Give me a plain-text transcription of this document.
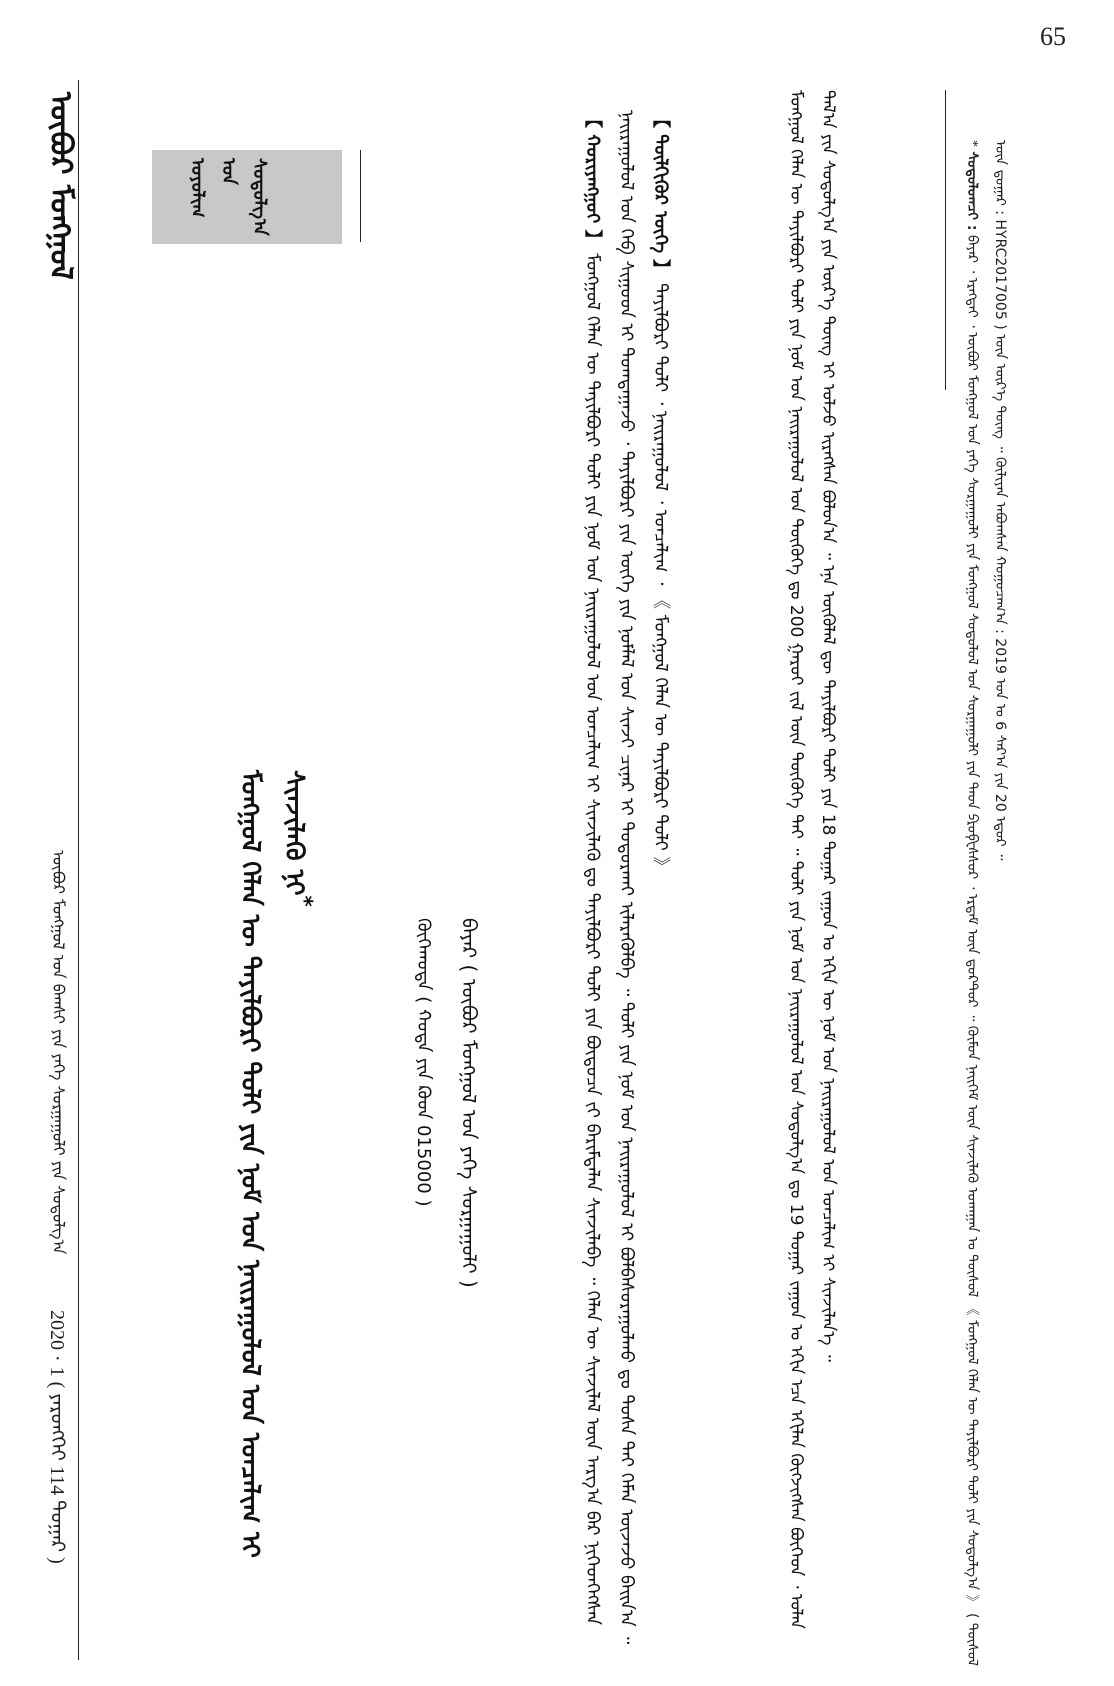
65
ᠥᠪᠦᠷ ᠮᠣᠩᠭᠣᠯ
ᠥᠪᠦᠷ ᠮᠣᠩᠭᠣᠯ ᠤᠨ ᠪᠠᠭᠰᠢ ᠶᠢᠨ ᠶᠡᠬᠡ ᠰᠤᠷᠭᠠᠭᠤᠯᠢ ᠶᠢᠨ ᠰᠣᠳᠤᠯᠭ᠎ᠠ
2020 · 1 ( ᠶᠡᠷᠦᠩᠬᠡᠢ 114 ᠳᠤᠭᠠᠷ )
ᠤᠶᠤᠯᠢᠭ ᠤᠨ ᠰᠣᠳᠤᠯᠭ᠎ᠠ
ᠮᠣᠩᠭᠣᠯ ᠬᠡᠯᠡᠨ ᠦ ᠲᠠᠶᠢᠯᠪᠤᠷᠢ ᠲᠣᠯᠢ ᠶᠢᠨ ᠨᠣᠮ ᠤᠨ ᠨᠠᠢᠷᠠᠭᠤᠯᠤᠯ ᠤᠨ ᠣᠨᠴᠠᠯᠢᠭ ᠢ ᠰᠢᠨᠵᠢᠯᠡᠬᠦ ᠨᠢ*
ᠪᠠᠶᠠᠷ ( ᠥᠪᠦᠷ ᠮᠣᠩᠭᠣᠯ ᠤᠨ ᠶᠡᠬᠡ ᠰᠤᠷᠭᠠᠭᠤᠯᠢ )
ᠬᠥᠬᠡᠬᠣᠲᠠ ( ᠬᠣᠲᠠ ᠶᠢᠨ ᠺᠣᠳ 015000 )
【 ᠬᠤᠷᠢᠶᠠᠩᠭᠤᠢ 】 ᠮᠣᠩᠭᠣᠯ ᠬᠡᠯᠡᠨ ᠦ ᠲᠠᠶᠢᠯᠪᠤᠷᠢ ᠲᠣᠯᠢ ᠶᠢᠨ ᠨᠣᠮ ᠤᠨ ᠨᠠᠢᠷᠠᠭᠤᠯᠤᠯ ᠤᠨ ᠣᠨᠴᠠᠯᠢᠭ ᠢ ᠰᠢᠨᠵᠢᠯᠡᠬᠦ ᠳᠤ ᠲᠠᠶᠢᠯᠪᠤᠷᠢ ᠲᠣᠯᠢ ᠶᠢᠨ ᠪᠦᠲᠦᠴᠡ ᠵᠢ ᠪᠠᠷᠢᠮᠲᠠᠯᠠᠨ ᠰᠢᠨᠵᠢᠯᠡᠪᠡ ᠃ ᠬᠡᠯᠡᠨ ᠦ ᠰᠢᠨᠵᠢᠯᠡᠯ ᠦᠨ ᠠᠷᠭ᠎ᠠ ᠪᠠᠷ ᠨᠢᠭᠡᠳᠬᠡᠭᠰᠡᠨ ᠨᠠᠢᠷᠠᠭᠤᠯᠤᠯ ᠤᠨ ᠬᠡᠪ ᠰᠢᠭ᠋ᠤᠳ ᠢ ᠲᠣᠭᠲᠠᠭᠠᠵᠤ ᠂ ᠲᠠᠶᠢᠯᠪᠤᠷᠢ ᠶᠢᠨ ᠦᠭᠡ ᠶᠢᠨ ᠨᠣᠮᠯᠠᠯ ᠤᠨ ᠰᠢᠨᠵᠢ ᠴᠢᠨᠠᠷ ᠢ ᠲᠣᠳᠣᠷᠬᠠᠶ ᠢᠯᠡᠷᠡᠭᠦᠯᠪᠡ ᠃ ᠲᠣᠯᠢ ᠶᠢᠨ ᠨᠣᠮ ᠤᠨ ᠨᠠᠢᠷᠠᠭᠤᠯᠤᠯ ᠢ ᠪᠣᠯᠪᠠᠰᠤᠷᠠᠭᠤᠯᠬᠤ ᠳᠤ ᠲᠤᠰᠠ ᠲᠠᠢ ᠬᠡᠮᠡᠨ ᠦᠵᠡᠵᠦ ᠪᠠᠢᠨ᠎ᠠ ᠃ 【 ᠲᠦᠯᠬᠢᠭᠦᠷ ᠦᠭᠡ 】 ᠲᠠᠶᠢᠯᠪᠤᠷᠢ ᠲᠣᠯᠢ ᠂ ᠨᠠᠢᠷᠠᠭᠤᠯᠤᠯ ᠂ ᠣᠨᠴᠠᠯᠢᠭ ᠂ 《 ᠮᠣᠩᠭᠣᠯ ᠬᠡᠯᠡᠨ ᠦ ᠲᠠᠶᠢᠯᠪᠤᠷᠢ ᠲᠣᠯᠢ 》	ᠮᠣᠩᠭᠣᠯ ᠬᠡᠯᠡᠨ ᠦ ᠲᠠᠶᠢᠯᠪᠤᠷᠢ ᠲᠣᠯᠢ ᠶᠢᠨ ᠨᠣᠮ ᠤᠨ ᠨᠠᠢᠷᠠᠭᠤᠯᠤᠯ ᠤᠨ ᠲᠦᠭᠦᠬᠡ ᠳᠤ 200 ᠭᠠᠷᠤᠢ ᠵᠢᠯ ᠦᠨ ᠲᠦᠭᠦᠬᠡ ᠲᠠᠢ ᠃ ᠲᠣᠯᠢ ᠶᠢᠨ ᠨᠣᠮ ᠤᠨ ᠨᠠᠢᠷᠠᠭᠤᠯᠤᠯ ᠤᠨ ᠰᠤᠳᠤᠯᠭ᠎ᠠ ᠳᠤ 19 ᠳᠤᠭᠠᠷ ᠵᠠᠭᠤᠨ ᠤ ᠡᠬᠢᠨ ᠡᠴᠡ ᠡᠬᠢᠯᠡᠨ ᠬᠥᠭᠵᠢᠭᠰᠡᠨ ᠪᠥᠭᠡᠳ ᠂ ᠣᠯᠠᠨ ᠲᠠᠯ᠎ᠠ ᠶᠢᠨ ᠰᠤᠳᠤᠯᠭ᠎ᠠ ᠶᠢᠨ ᠦᠷ᠎ᠡ ᠳᠦᠩ ᠢ ᠣᠯᠵᠤ ᠢᠷᠡᠭᠰᠡᠨ ᠪᠣᠯᠤᠨ᠎ᠠ ᠃ ᠡᠨᠡ ᠦᠭᠦᠯᠡᠯ ᠳᠦ ᠲᠠᠶᠢᠯᠪᠤᠷᠢ ᠲᠣᠯᠢ ᠶᠢᠨ 18 ᠳᠤᠭᠠᠷ ᠵᠠᠭᠤᠨ ᠤ ᠡᠬᠢᠨ ᠦ ᠨᠣᠮ ᠤᠨ ᠨᠠᠢᠷᠠᠭᠤᠯᠤᠯ ᠤᠨ ᠣᠨᠴᠠᠯᠢᠭ ᠢ ᠰᠢᠨᠵᠢᠯᠡᠨ᠎ᠡ ᠃	* ᠰᠤᠳᠤᠯᠤᠭᠴᠢ : ᠪᠠᠶᠠᠷ ᠂ ᠡᠷᠡᠭᠲᠡᠢ ᠂ ᠥᠪᠦᠷ ᠮᠣᠩᠭᠣᠯ ᠤᠨ ᠶᠡᠬᠡ ᠰᠤᠷᠭᠠᠭᠤᠯᠢ ᠶᠢᠨ ᠮᠣᠩᠭᠣᠯ ᠰᠤᠳᠤᠯᠤᠯ ᠤᠨ ᠰᠤᠷᠭᠠᠭᠤᠯᠢ ᠶᠢᠨ ᠳᠡᠳ ᠫᠷᠣᠹᠧᠰᠰᠣᠷ ᠂ ᠡᠷᠳᠡᠮ ᠦᠨ ᠳ᠋ᠣᠺᠲ᠋ᠣᠷ ᠃ ᠬᠥᠮᠦᠨ ᠨᠡᠢᠭᠡᠮ ᠦᠨ ᠰᠢᠨᠵᠢᠯᠡᠬᠦ ᠤᠬᠠᠭᠠᠨ ᠤ ᠲᠥᠰᠦᠯ 《 ᠮᠣᠩᠭᠣᠯ ᠬᠡᠯᠡᠨ ᠦ ᠲᠠᠶᠢᠯᠪᠤᠷᠢ ᠲᠣᠯᠢ ᠶᠢᠨ ᠰᠤᠳᠤᠯᠭ᠎ᠠ 》 ( ᠲᠥᠰᠦᠯ ᠦᠨ ᠳ᠋ᠤᠭᠠᠷ : HYRC2017005 ) ᠦᠨ ᠦᠷ᠎ᠡ ᠳᠦᠩ ᠃ ᠬᠦᠯᠢᠶᠡᠨ ᠠᠪᠤᠭᠰᠠᠨ ᠬᠤᠭᠤᠴᠠᠭ᠎ᠠ : 2019 ᠣᠨ ᠤ 6 ᠰᠠᠷ᠎ᠠ ᠶᠢᠨ 20 ᠡᠳᠦᠷ ᠃
